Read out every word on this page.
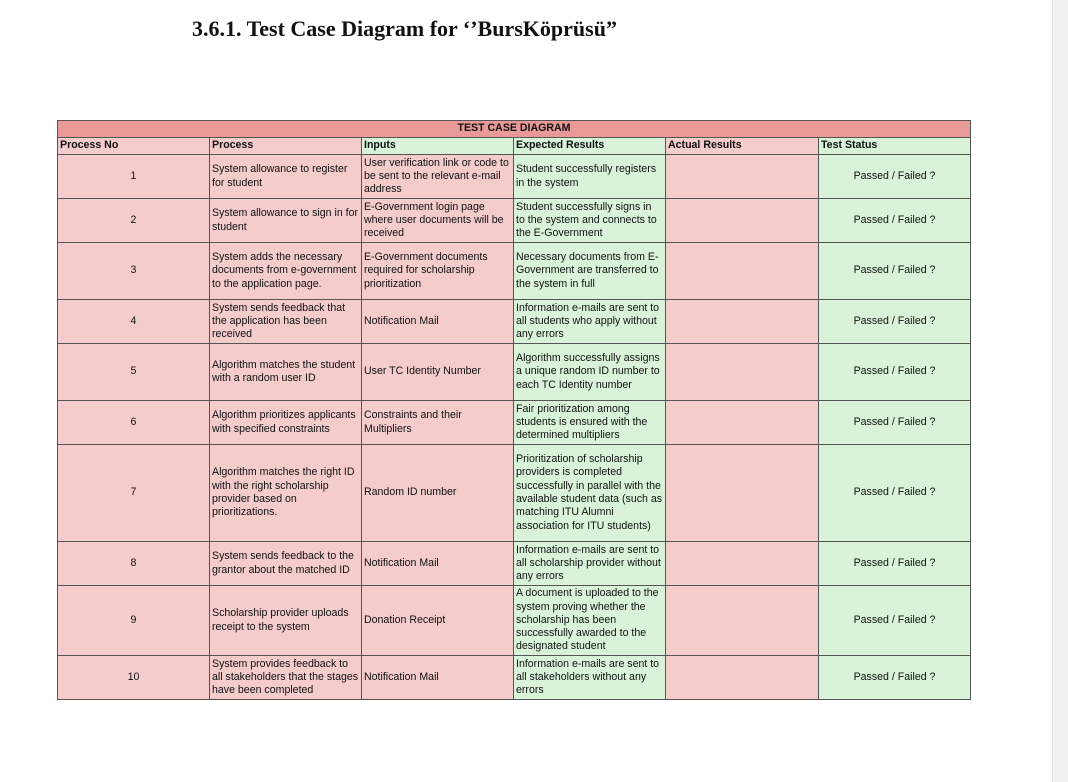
3.6.1. Test Case Diagram for ‘’BursKöprüsü”
TEST CASE DIAGRAM					
Process No	Process	Inputs	Expected Results	Actual Results	Test Status
1	System allowance to register for student	User verification link or code to be sent to the relevant e-mail address	Student successfully registers in the system		Passed / Failed ?
2	System allowance to sign in for student	E-Government login page where user documents will be received	Student successfully signs in to the system and connects to the E-Government		Passed / Failed ?
3	System adds the necessary documents from e-government to the application page.	E-Government documents required for scholarship prioritization	Necessary documents from E-Government are transferred to the system in full		Passed / Failed ?
4	System sends feedback that the application has been received	Notification Mail	Information e-mails are sent to all students who apply without any errors		Passed / Failed ?
5	Algorithm matches the student with a random user ID	User TC Identity Number	Algorithm successfully assigns a unique random ID number to each TC Identity number		Passed / Failed ?
6	Algorithm prioritizes applicants with specified constraints	Constraints and their Multipliers	Fair prioritization among students is ensured with the determined multipliers		Passed / Failed ?
7	Algorithm matches the right ID with the right scholarship provider based on prioritizations.	Random ID number	Prioritization of scholarship providers is completed successfully in parallel with the available student data (such as matching ITU Alumni association for ITU students)		Passed / Failed ?
8	System sends feedback to the grantor about the matched ID	Notification Mail	Information e-mails are sent to all scholarship provider without any errors		Passed / Failed ?
9	Scholarship provider uploads receipt to the system	Donation Receipt	A document is uploaded to the system proving whether the scholarship has been successfully awarded to the designated student		Passed / Failed ?
10	System provides feedback to all stakeholders that the stages have been completed	Notification Mail	Information e-mails are sent to all stakeholders without any errors		Passed / Failed ?
